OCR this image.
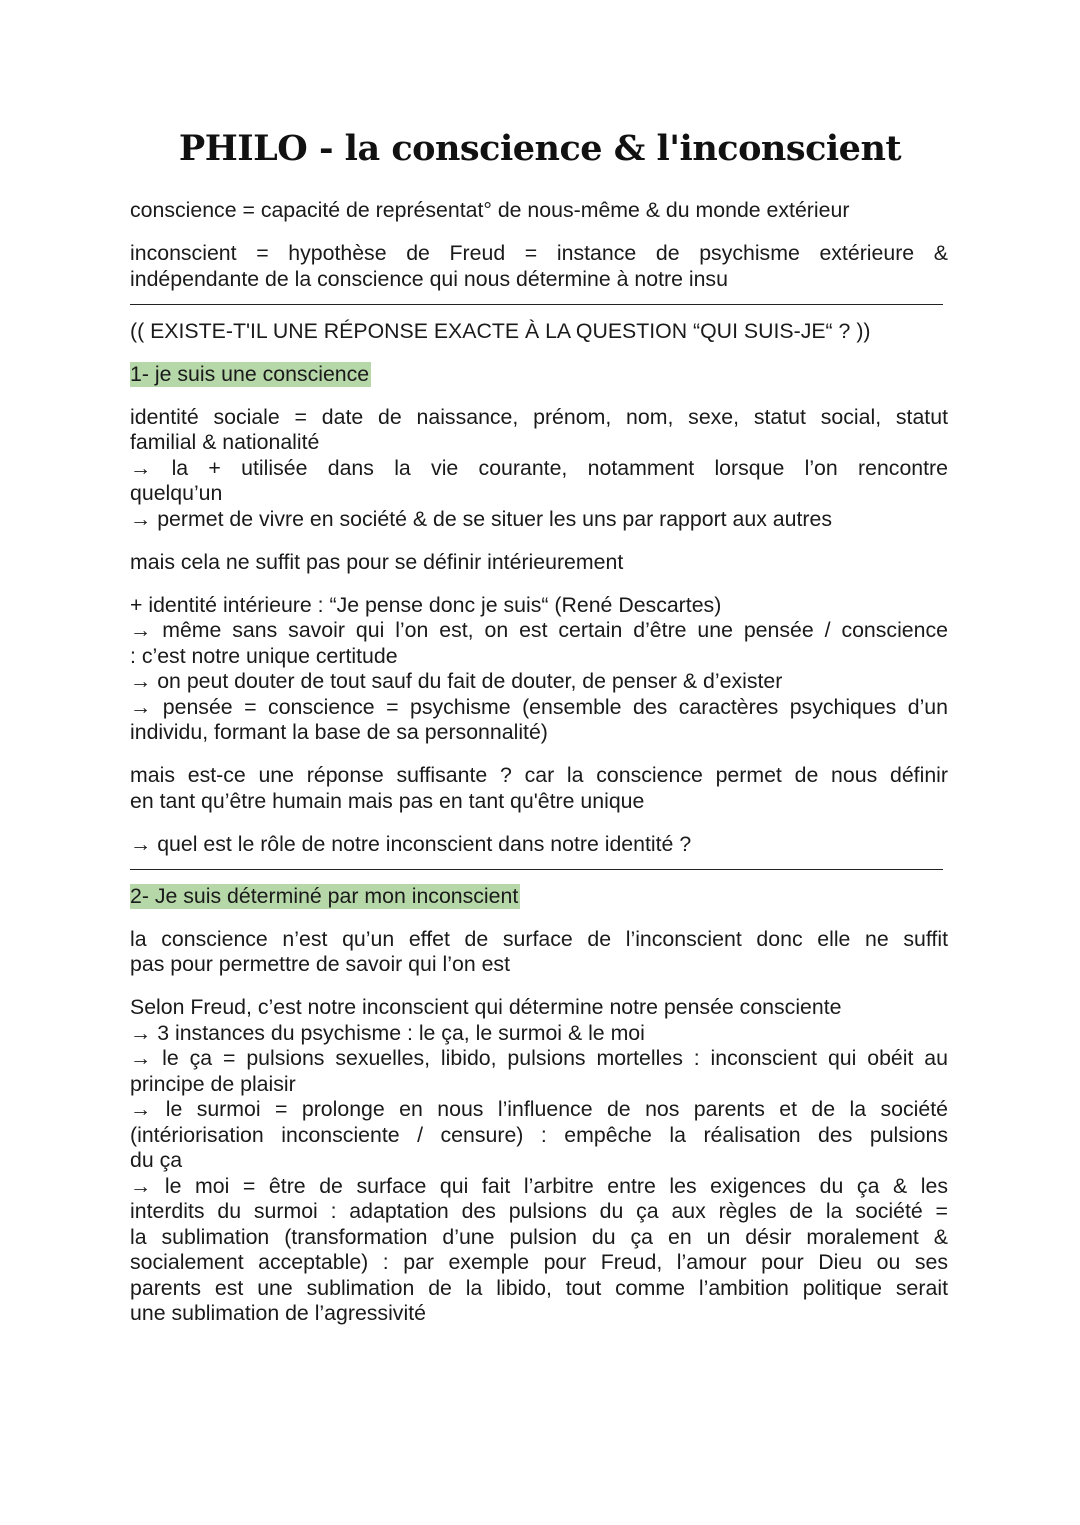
PHILO - la conscience & l'inconscient
conscience = capacité de représentat° de nous-même & du monde extérieur
inconscient = hypothèse de Freud = instance de psychisme extérieure &
indépendante de la conscience qui nous détermine à notre insu
(( EXISTE-T'IL UNE RÉPONSE EXACTE À LA QUESTION “QUI SUIS-JE“ ? ))
1- je suis une conscience
identité sociale = date de naissance, prénom, nom, sexe, statut social, statut
familial & nationalité
→ la + utilisée dans la vie courante, notamment lorsque l’on rencontre
quelqu’un
→ permet de vivre en société & de se situer les uns par rapport aux autres
mais cela ne suffit pas pour se définir intérieurement
+ identité intérieure : “Je pense donc je suis“ (René Descartes)
→ même sans savoir qui l’on est, on est certain d’être une pensée / conscience
: c’est notre unique certitude
→ on peut douter de tout sauf du fait de douter, de penser & d’exister
→ pensée = conscience = psychisme (ensemble des caractères psychiques d’un
individu, formant la base de sa personnalité)
mais est-ce une réponse suffisante ? car la conscience permet de nous définir
en tant qu’être humain mais pas en tant qu'être unique
→ quel est le rôle de notre inconscient dans notre identité ?
2- Je suis déterminé par mon inconscient
la conscience n’est qu’un effet de surface de l’inconscient donc elle ne suffit
pas pour permettre de savoir qui l’on est
Selon Freud, c’est notre inconscient qui détermine notre pensée consciente
→ 3 instances du psychisme : le ça, le surmoi & le moi
→ le ça = pulsions sexuelles, libido, pulsions mortelles : inconscient qui obéit au
principe de plaisir
→ le surmoi = prolonge en nous l’influence de nos parents et de la société
(intériorisation inconsciente / censure) : empêche la réalisation des pulsions
du ça
→ le moi = être de surface qui fait l’arbitre entre les exigences du ça & les
interdits du surmoi : adaptation des pulsions du ça aux règles de la société =
la sublimation (transformation d’une pulsion du ça en un désir moralement &
socialement acceptable) : par exemple pour Freud, l’amour pour Dieu ou ses
parents est une sublimation de la libido, tout comme l’ambition politique serait
une sublimation de l’agressivité
